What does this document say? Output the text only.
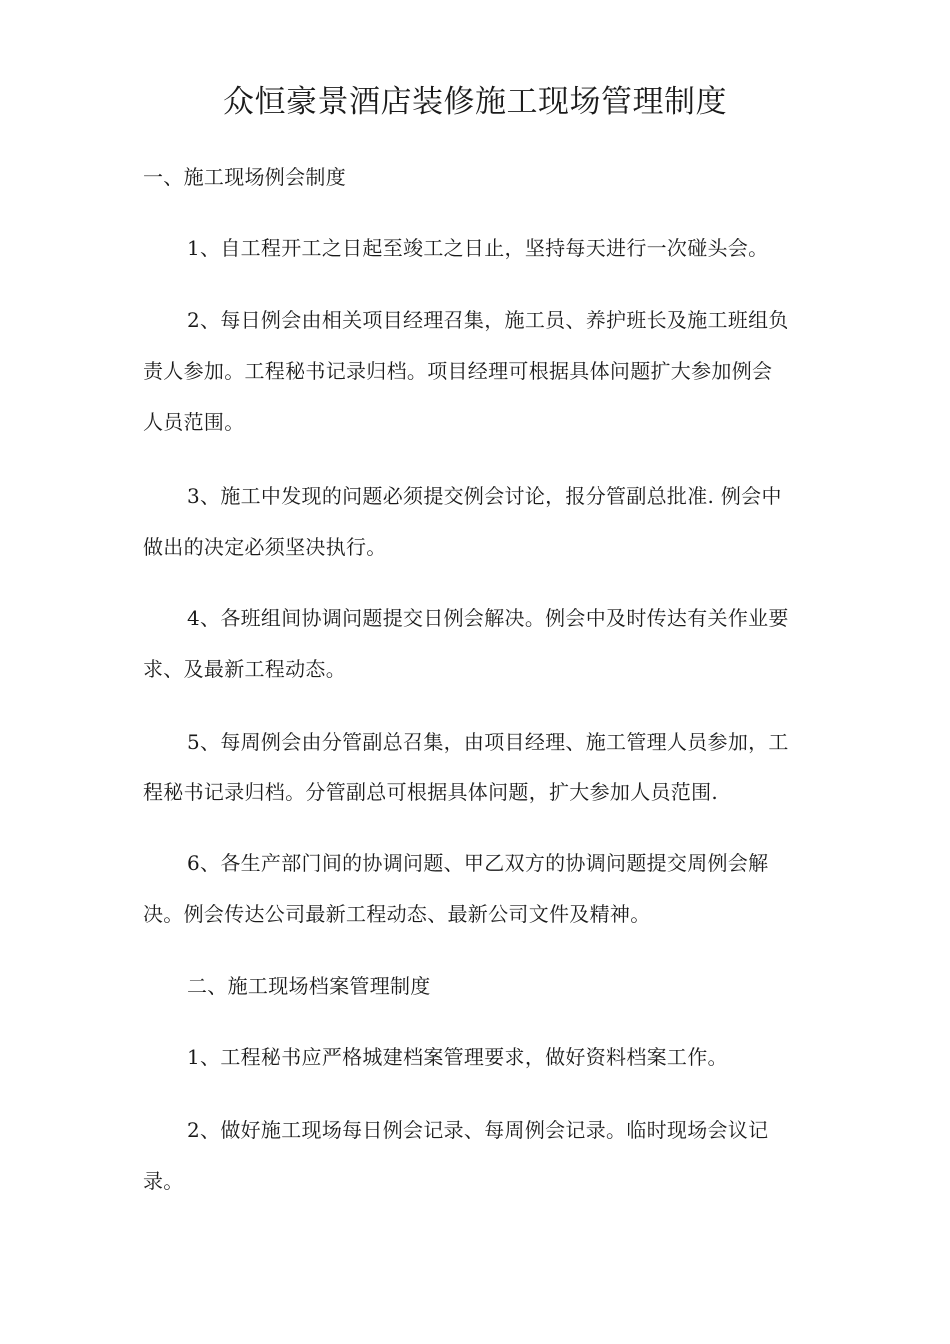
众恒豪景酒店装修施工现场管理制度
一、施工现场例会制度
1、自工程开工之日起至竣工之日止，坚持每天进行一次碰头会。
2、每日例会由相关项目经理召集，施工员、养护班长及施工班组负
责人参加。工程秘书记录归档。项目经理可根据具体问题扩大参加例会
人员范围。
3、施工中发现的问题必须提交例会讨论，报分管副总批准. 例会中
做出的决定必须坚决执行。
4、各班组间协调问题提交日例会解决。例会中及时传达有关作业要
求、及最新工程动态。
5、每周例会由分管副总召集，由项目经理、施工管理人员参加，工
程秘书记录归档。分管副总可根据具体问题，扩大参加人员范围.
6、各生产部门间的协调问题、甲乙双方的协调问题提交周例会解
决。例会传达公司最新工程动态、最新公司文件及精神。
二、施工现场档案管理制度
1、工程秘书应严格城建档案管理要求，做好资料档案工作。
2、做好施工现场每日例会记录、每周例会记录。临时现场会议记
录。
